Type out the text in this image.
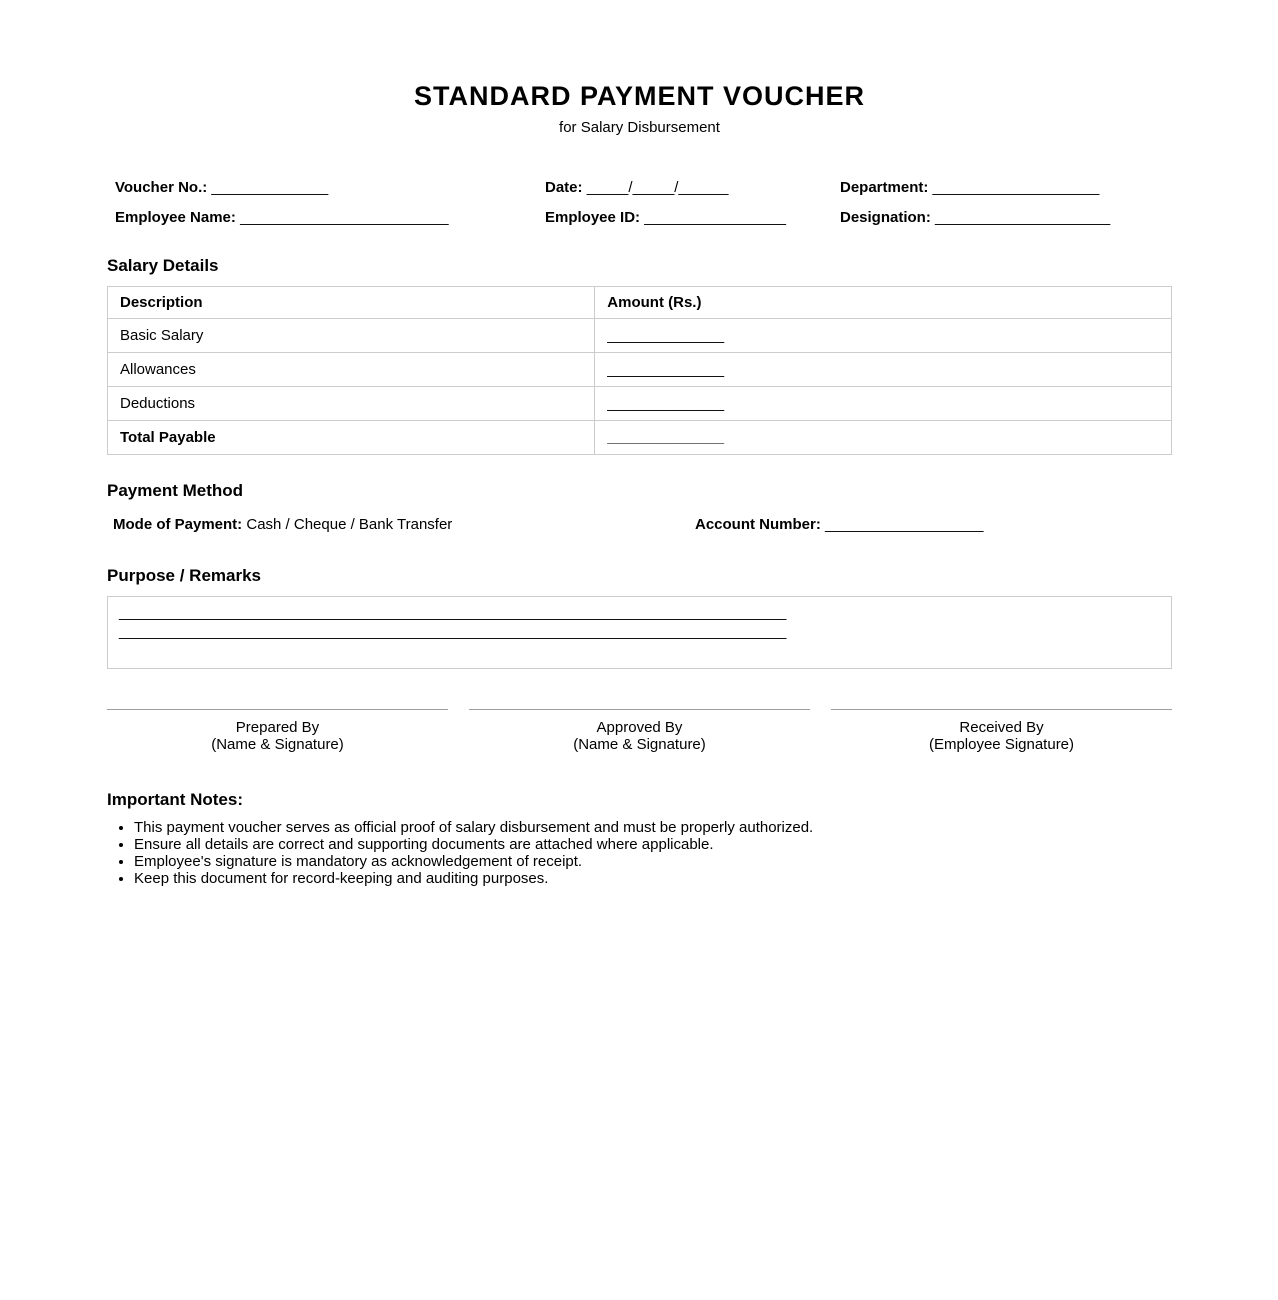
STANDARD PAYMENT VOUCHER
for Salary Disbursement
Voucher No.: ______________	Date: _____/_____/______	Department: ____________________
Employee Name: _________________________	Employee ID: _________________	Designation: _____________________
Salary Details
Description	Amount (Rs.)
Basic Salary	______________
Allowances	______________
Deductions	______________
Total Payable	______________
Payment Method
Mode of Payment: Cash / Cheque / Bank Transfer	Account Number: ___________________
Purpose / Remarks
________________________________________________________________________________
________________________________________________________________________________
Prepared By
(Name & Signature)
Approved By
(Name & Signature)
Received By
(Employee Signature)
Important Notes:
• This payment voucher serves as official proof of salary disbursement and must be properly authorized.
• Ensure all details are correct and supporting documents are attached where applicable.
• Employee's signature is mandatory as acknowledgement of receipt.
• Keep this document for record-keeping and auditing purposes.
